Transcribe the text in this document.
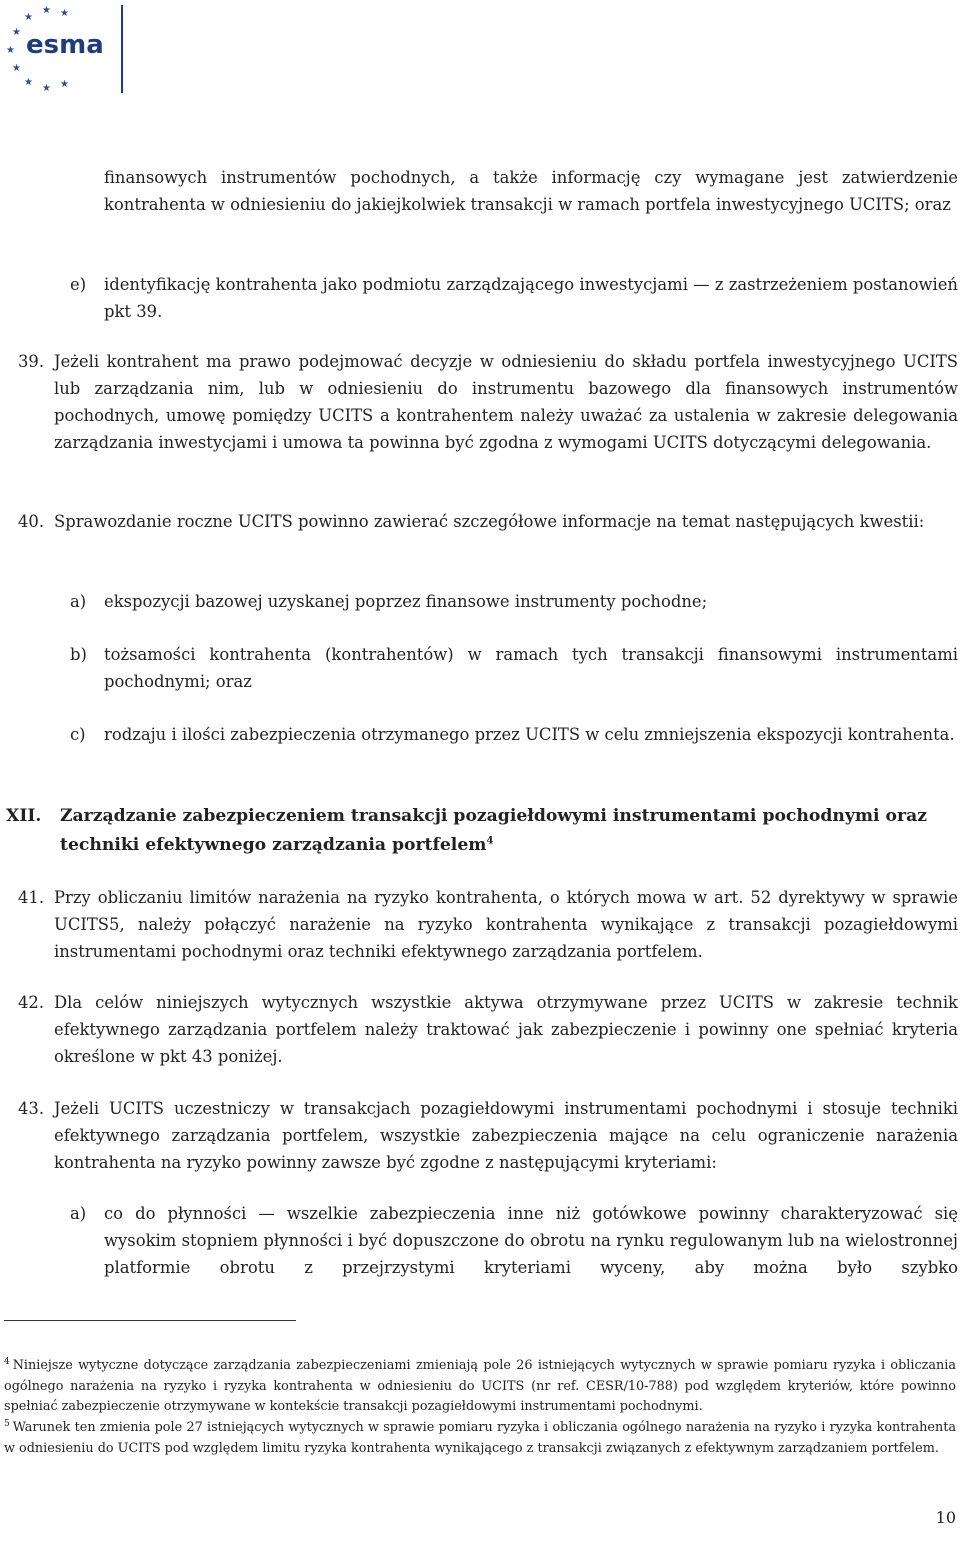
★ ★
★
★
★
★
★
★ ★
esma
finansowych instrumentów pochodnych, a także informację czy wymagane jest zatwierdzenie kontrahenta w odniesieniu do jakiejkolwiek transakcji w ramach portfela inwestycyjnego UCITS; oraz
e) identyfikację kontrahenta jako podmiotu zarządzającego inwestycjami — z zastrzeżeniem postanowień pkt 39.
39. Jeżeli kontrahent ma prawo podejmować decyzje w odniesieniu do składu portfela inwestycyjnego UCITS lub zarządzania nim, lub w odniesieniu do instrumentu bazowego dla finansowych instrumentów pochodnych, umowę pomiędzy UCITS a kontrahentem należy uważać za ustalenia w zakresie delegowania zarządzania inwestycjami i umowa ta powinna być zgodna z wymogami UCITS dotyczącymi delegowania.
40. Sprawozdanie roczne UCITS powinno zawierać szczegółowe informacje na temat następujących kwestii:
a) ekspozycji bazowej uzyskanej poprzez finansowe instrumenty pochodne;
b) tożsamości kontrahenta (kontrahentów) w ramach tych transakcji finansowymi instrumentami pochodnymi; oraz
c) rodzaju i ilości zabezpieczenia otrzymanego przez UCITS w celu zmniejszenia ekspozycji kontrahenta.
XII. Zarządzanie zabezpieczeniem transakcji pozagiełdowymi instrumentami pochodnymi oraz techniki efektywnego zarządzania portfelem$^4$
41. Przy obliczaniu limitów narażenia na ryzyko kontrahenta, o których mowa w art. 52 dyrektywy w sprawie UCITS5, należy połączyć narażenie na ryzyko kontrahenta wynikające z transakcji pozagiełdowymi instrumentami pochodnymi oraz techniki efektywnego zarządzania portfelem.
42. Dla celów niniejszych wytycznych wszystkie aktywa otrzymywane przez UCITS w zakresie technik efektywnego zarządzania portfelem należy traktować jak zabezpieczenie i powinny one spełniać kryteria określone w pkt 43 poniżej.
43. Jeżeli UCITS uczestniczy w transakcjach pozagiełdowymi instrumentami pochodnymi i stosuje techniki efektywnego zarządzania portfelem, wszystkie zabezpieczenia mające na celu ograniczenie narażenia kontrahenta na ryzyko powinny zawsze być zgodne z następującymi kryteriami:
a) co do płynności — wszelkie zabezpieczenia inne niż gotówkowe powinny charakteryzować się wysokim stopniem płynności i być dopuszczone do obrotu na rynku regulowanym lub na wielostronnej platformie obrotu z przejrzystymi kryteriami wyceny, aby można było szybko
$^4$ Niniejsze wytyczne dotyczące zarządzania zabezpieczeniami zmieniają pole 26 istniejących wytycznych w sprawie pomiaru ryzyka i obliczania ogólnego narażenia na ryzyko i ryzyka kontrahenta w odniesieniu do UCITS (nr ref. CESR/10-788) pod względem kryteriów, które powinno spełniać zabezpieczenie otrzymywane w kontekście transakcji pozagiełdowymi instrumentami pochodnymi.
$^5$ Warunek ten zmienia pole 27 istniejących wytycznych w sprawie pomiaru ryzyka i obliczania ogólnego narażenia na ryzyko i ryzyka kontrahenta w odniesieniu do UCITS pod względem limitu ryzyka kontrahenta wynikającego z transakcji związanych z efektywnym zarządzaniem portfelem.
10
